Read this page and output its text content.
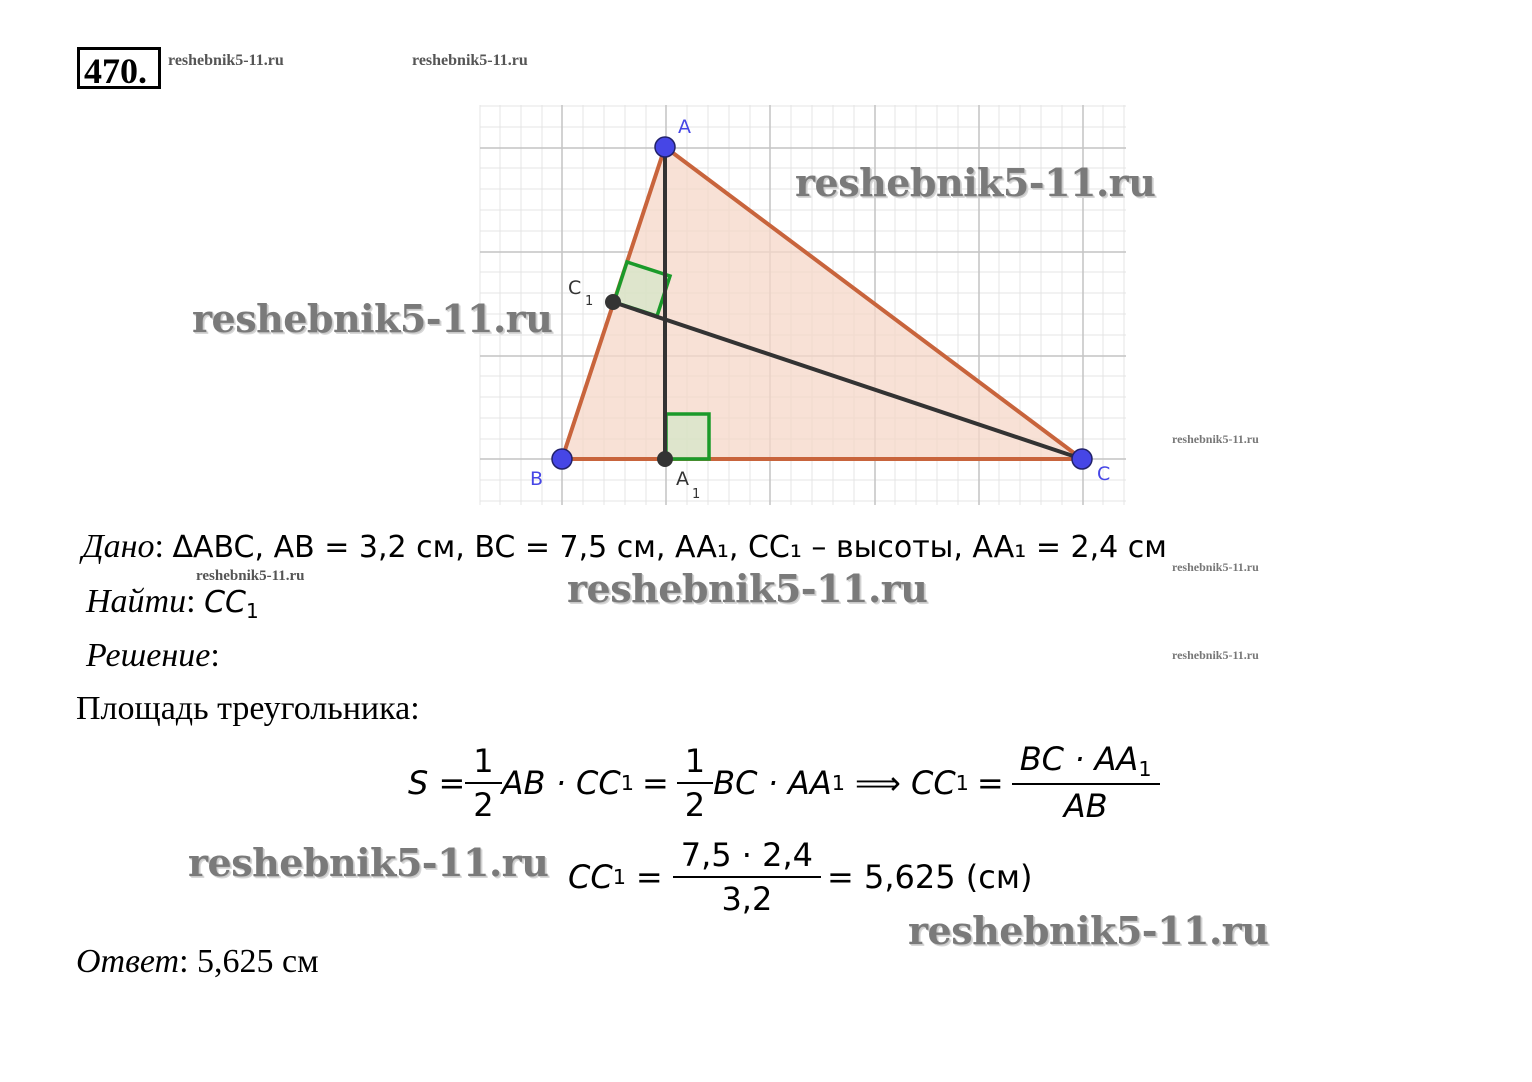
470.	reshebnik5-11.ru	reshebnik5-11.ru
reshebnik5-11.ru
reshebnik5-11.ru
reshebnik5-11.ru
reshebnik5-11.ru
A
B	C
C
1
A
1
reshebnik5-11.ru
reshebnik5-11.ru
reshebnik5-11.ru
reshebnik5-11.ru
reshebnik5-11.ru
Дано: ΔABC, AB = 3,2 см, BC = 7,5 см, AA₁, CC₁ – высоты, AA₁ = 2,4 см
Найти: $CC_1$
Решение:
Площадь треугольника:
$S = \frac{1}{2}$ AB · CC $1 = \frac{1}{2}$ BC · AA 1 ⟹ CC $1 = \frac{BC \cdot AA_1}{AB}$
CC $1 = \frac{7,5 \cdot 2,4}{3,2} = 5,625$ (см)
Ответ: 5,625 см
